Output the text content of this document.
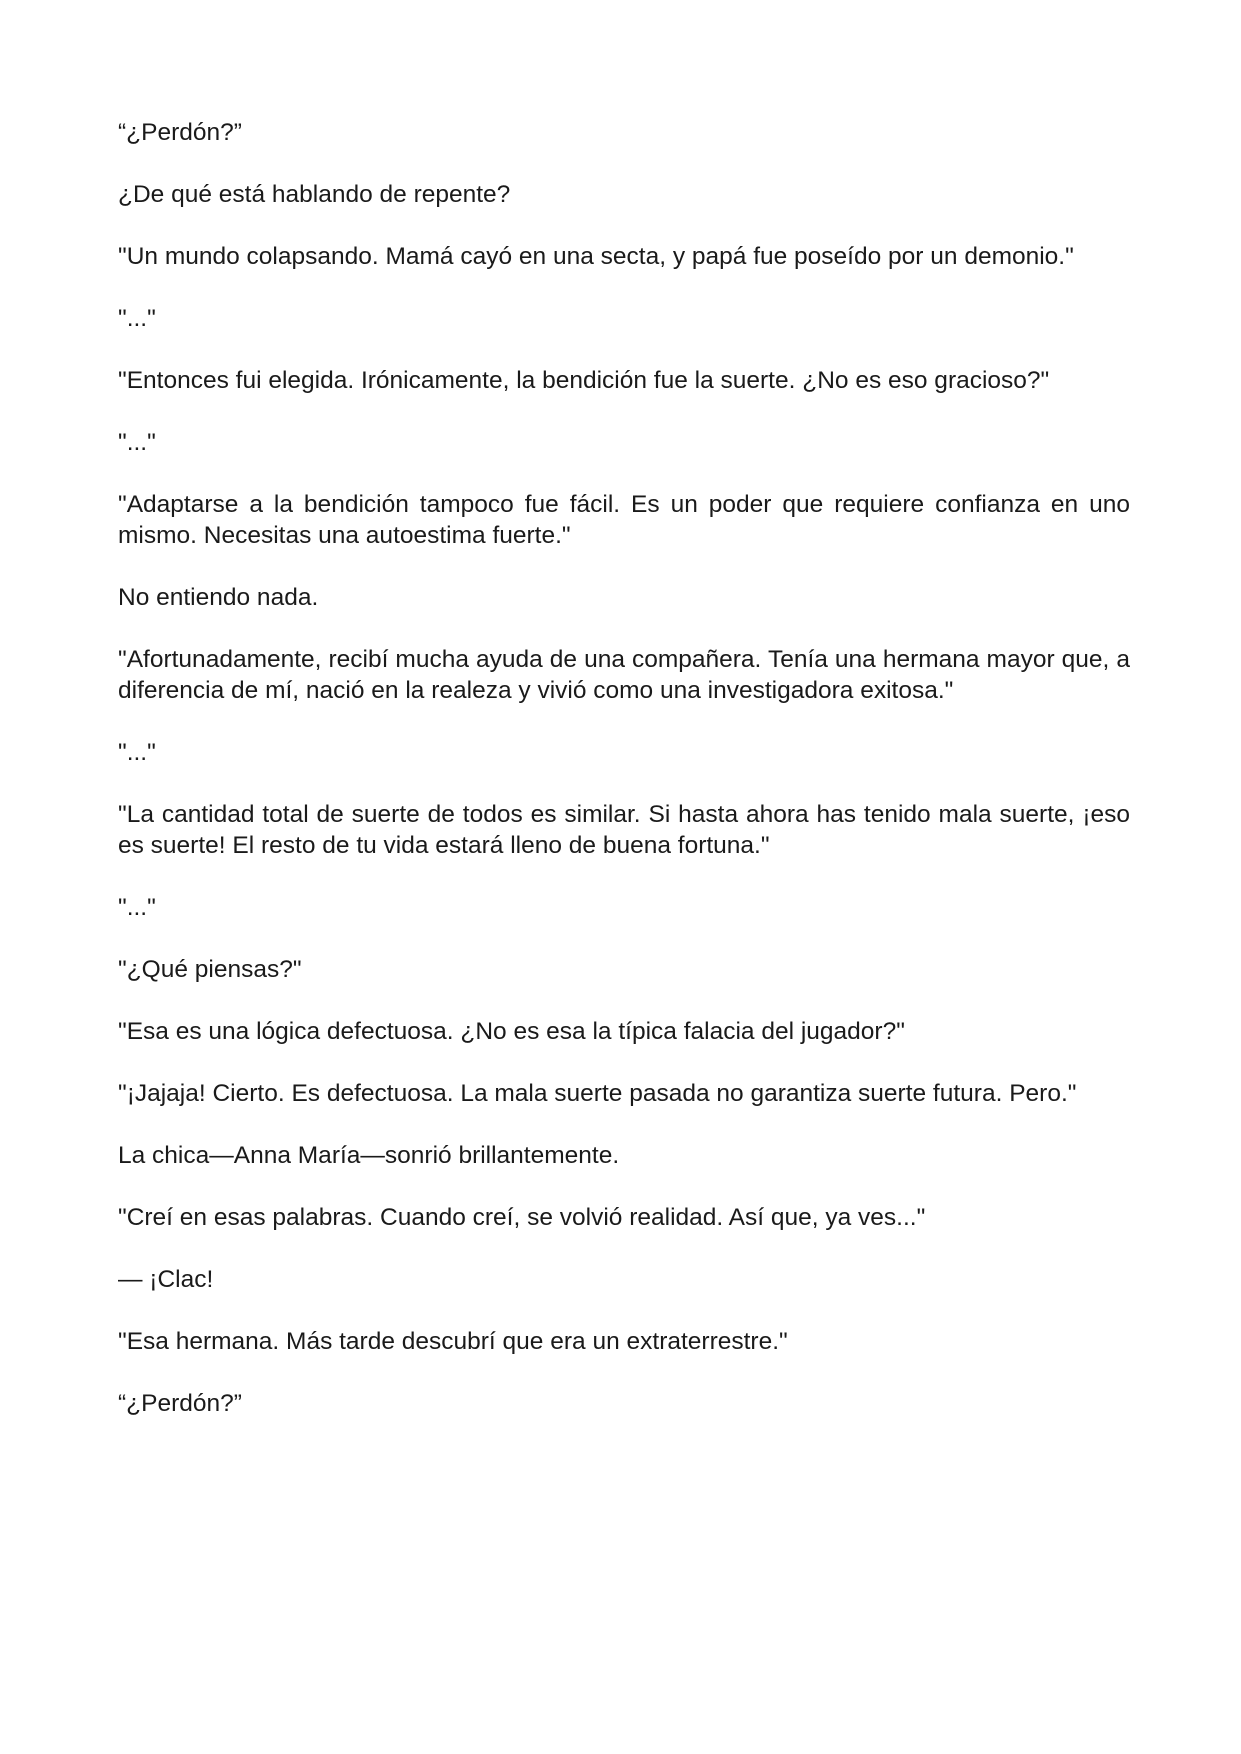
“¿Perdón?”

¿De qué está hablando de repente?

"Un mundo colapsando. Mamá cayó en una secta, y papá fue poseído por un demonio."

"..."

"Entonces fui elegida. Irónicamente, la bendición fue la suerte. ¿No es eso gracioso?"

"..."

"Adaptarse a la bendición tampoco fue fácil. Es un poder que requiere confianza en uno mismo. Necesitas una autoestima fuerte."

No entiendo nada.

"Afortunadamente, recibí mucha ayuda de una compañera. Tenía una hermana mayor que, a diferencia de mí, nació en la realeza y vivió como una investigadora exitosa."

"..."

"La cantidad total de suerte de todos es similar. Si hasta ahora has tenido mala suerte, ¡eso es suerte! El resto de tu vida estará lleno de buena fortuna."

"..."

"¿Qué piensas?"

"Esa es una lógica defectuosa. ¿No es esa la típica falacia del jugador?"

"¡Jajaja! Cierto. Es defectuosa. La mala suerte pasada no garantiza suerte futura. Pero."

La chica—Anna María—sonrió brillantemente.

"Creí en esas palabras. Cuando creí, se volvió realidad. Así que, ya ves..."

— ¡Clac!

"Esa hermana. Más tarde descubrí que era un extraterrestre."

“¿Perdón?”
